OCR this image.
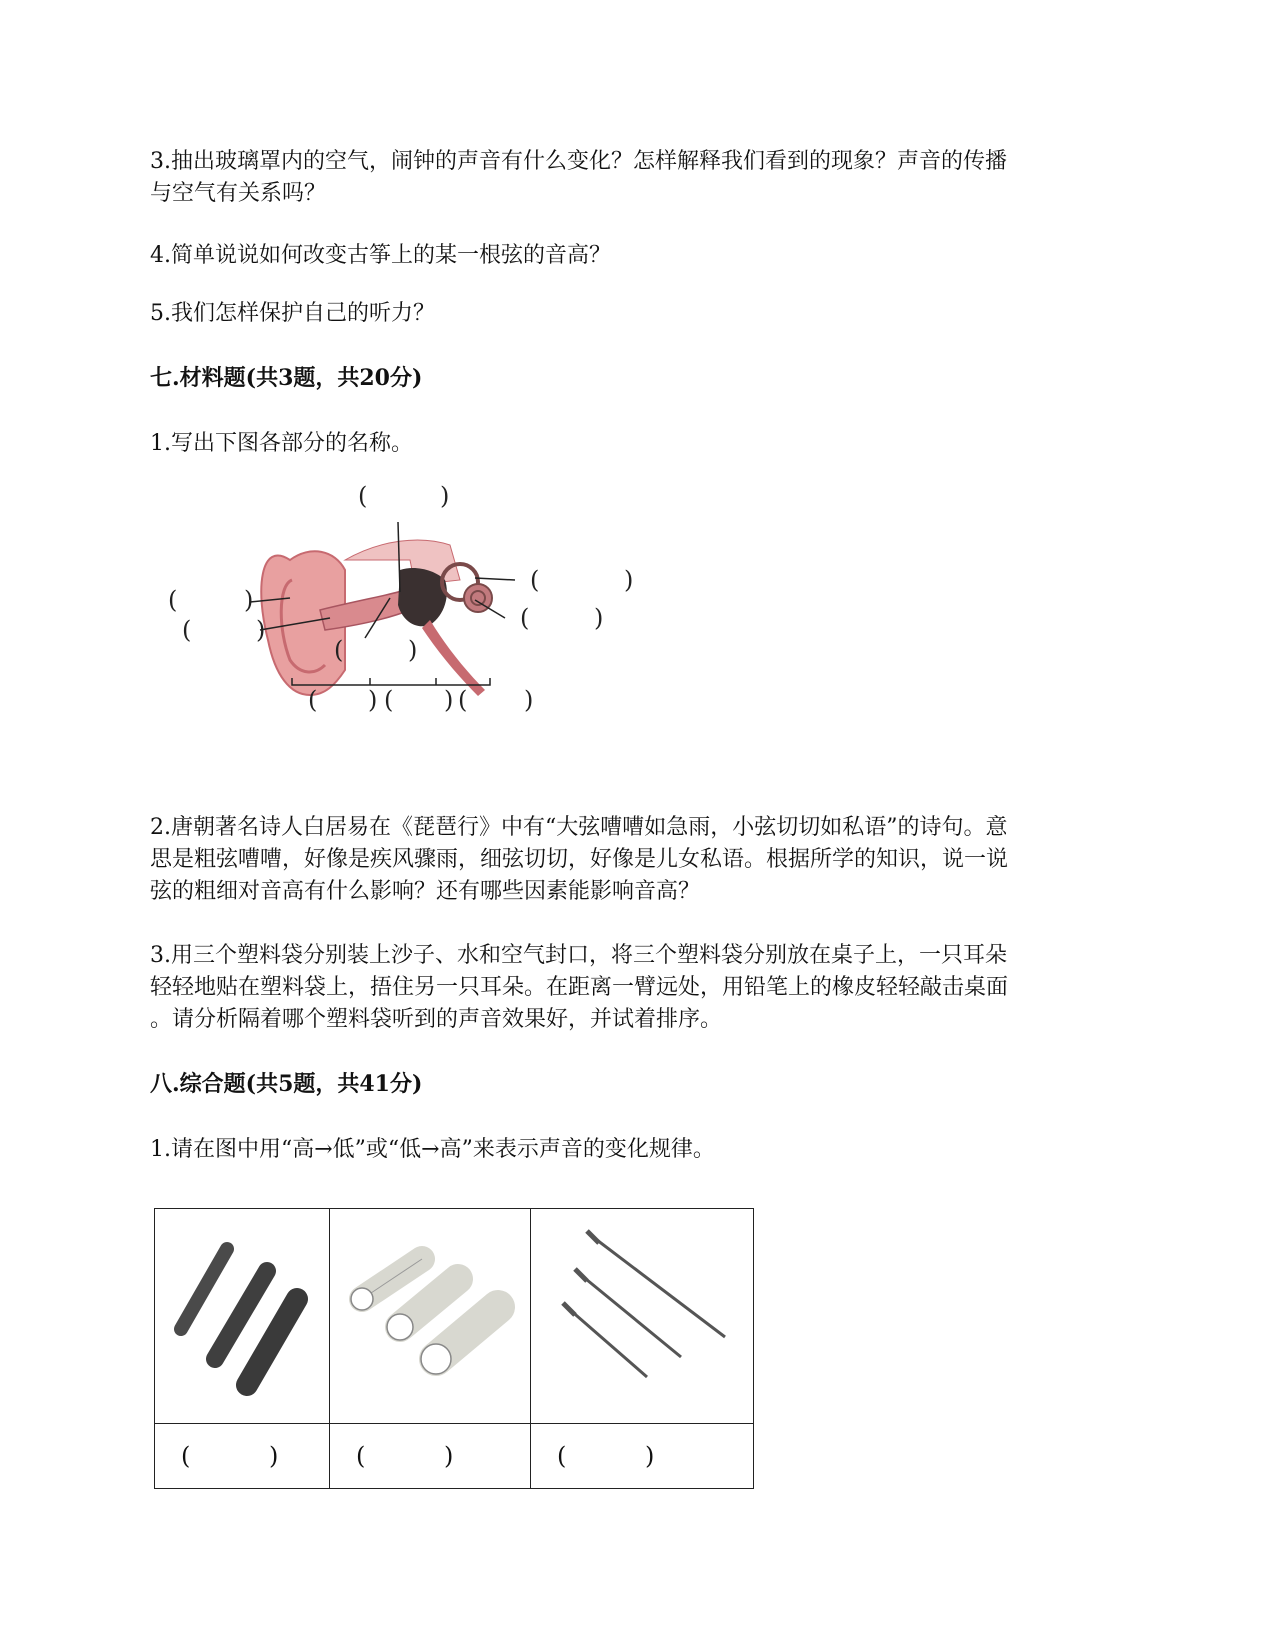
3.抽出玻璃罩内的空气，闹钟的声音有什么变化？怎样解释我们看到的现象？声音的传播
与空气有关系吗？
4.简单说说如何改变古筝上的某一根弦的音高？
5.我们怎样保护自己的听力？
七.材料题(共3题，共20分)
1.写出下图各部分的名称。
(	)
(	)
(	)
(	)
(	)
(	)
( ) ( ) ( )
2.唐朝著名诗人白居易在《琵琶行》中有“大弦嘈嘈如急雨，小弦切切如私语”的诗句。意
思是粗弦嘈嘈，好像是疾风骤雨，细弦切切，好像是儿女私语。根据所学的知识，说一说
弦的粗细对音高有什么影响？还有哪些因素能影响音高？
3.用三个塑料袋分别装上沙子、水和空气封口，将三个塑料袋分别放在桌子上，一只耳朵
轻轻地贴在塑料袋上，捂住另一只耳朵。在距离一臂远处，用铅笔上的橡皮轻轻敲击桌面
。请分析隔着哪个塑料袋听到的声音效果好，并试着排序。
八.综合题(共5题，共41分)
1.请在图中用“高→低”或“低→高”来表示声音的变化规律。

( )	( )	( )
